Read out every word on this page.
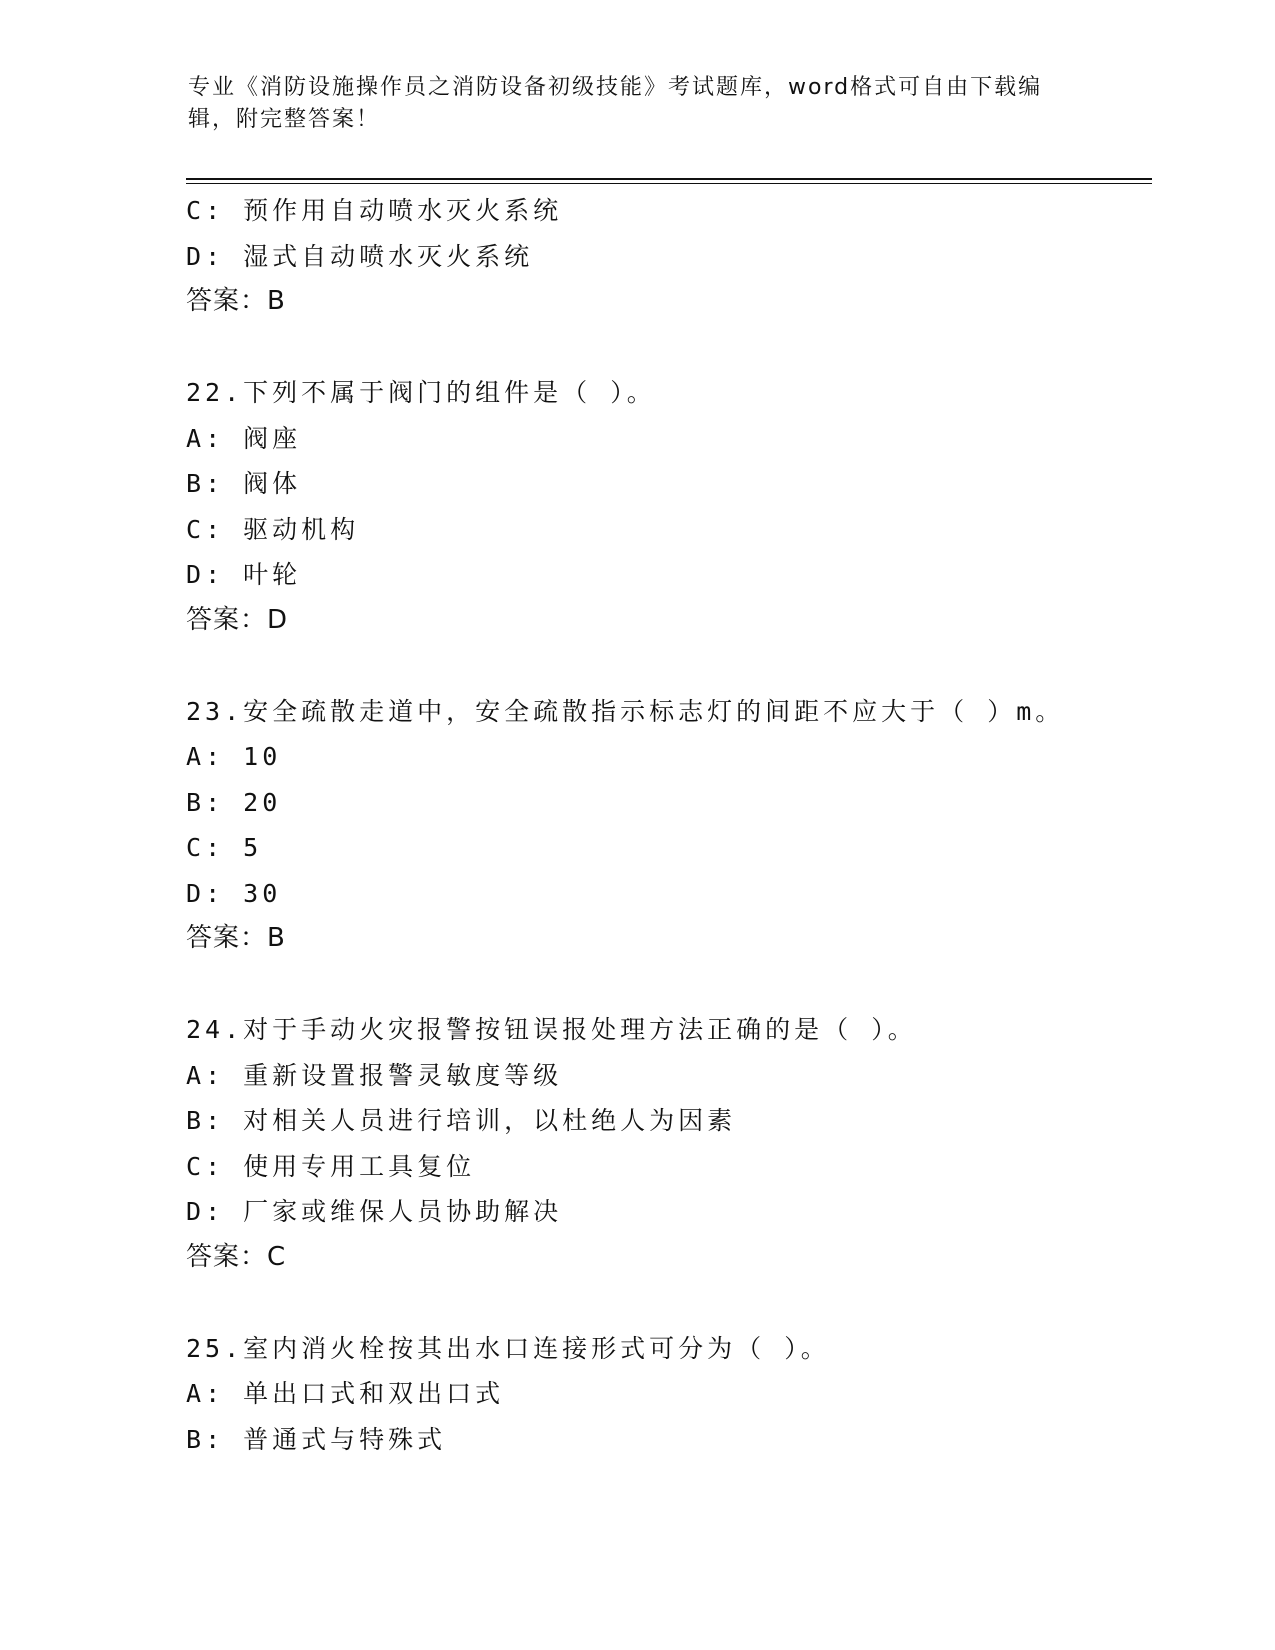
专业《消防设施操作员之消防设备初级技能》考试题库，word格式可自由下载编辑，附完整答案！
C: 预作用自动喷水灭火系统
D: 湿式自动喷水灭火系统
答案：B
22.下列不属于阀门的组件是（ ）。
A: 阀座
B: 阀体
C: 驱动机构
D: 叶轮
答案：D
23.安全疏散走道中，安全疏散指示标志灯的间距不应大于（ ）m。
A: 10
B: 20
C: 5
D: 30
答案：B
24.对于手动火灾报警按钮误报处理方法正确的是（ ）。
A: 重新设置报警灵敏度等级
B: 对相关人员进行培训，以杜绝人为因素
C: 使用专用工具复位
D: 厂家或维保人员协助解决
答案：C
25.室内消火栓按其出水口连接形式可分为（ ）。
A: 单出口式和双出口式
B: 普通式与特殊式
